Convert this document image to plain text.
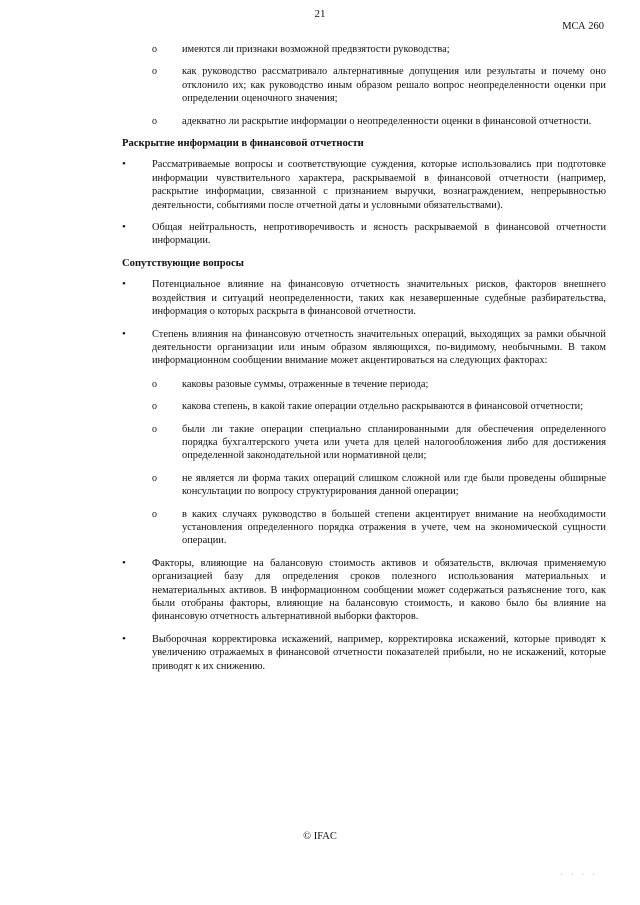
21
МСА 260
o имеются ли признаки возможной предвзятости руководства;
o как руководство рассматривало альтернативные допущения или результаты и почему оно отклонило их; как руководство иным образом решало вопрос неопределенности оценки при определении оценочного значения;
o адекватно ли раскрытие информации о неопределенности оценки в финансовой отчетности.
Раскрытие информации в финансовой отчетности
•	Рассматриваемые вопросы и соответствующие суждения, которые использовались при подготовке информации чувствительного характера, раскрываемой в финансовой отчетности (например, раскрытие информации, связанной с признанием выручки, вознаграждением, непрерывностью деятельности, событиями после отчетной даты и условными обязательствами).
•	Общая нейтральность, непротиворечивость и ясность раскрываемой в финансовой отчетности информации.
Сопутствующие вопросы
•	Потенциальное влияние на финансовую отчетность значительных рисков, факторов внешнего воздействия и ситуаций неопределенности, таких как незавершенные судебные разбирательства, информация о которых раскрыта в финансовой отчетности.
•	Степень влияния на финансовую отчетность значительных операций, выходящих за рамки обычной деятельности организации или иным образом являющихся, по-видимому, необычными. В таком информационном сообщении внимание может акцентироваться на следующих факторах:
o каковы разовые суммы, отраженные в течение периода;
o какова степень, в какой такие операции отдельно раскрываются в финансовой отчетности;
o были ли такие операции специально спланированными для обеспечения определенного порядка бухгалтерского учета или учета для целей налогообложения либо для достижения определенной законодательной или нормативной цели;
o не является ли форма таких операций слишком сложной или где были проведены обширные консультации по вопросу структурирования данной операции;
o в каких случаях руководство в большей степени акцентирует внимание на необходимости установления определенного порядка отражения в учете, чем на экономической сущности операции.
•	Факторы, влияющие на балансовую стоимость активов и обязательств, включая применяемую организацией базу для определения сроков полезного использования материальных и нематериальных активов. В информационном сообщении может содержаться разъяснение того, как были отобраны факторы, влияющие на балансовую стоимость, и каково было бы влияние на финансовую отчетность альтернативной выборки факторов.
•	Выборочная корректировка искажений, например, корректировка искажений, которые приводят к увеличению отражаемых в финансовой отчетности показателей прибыли, но не искажений, которые приводят к их снижению.
© IFAC
· · · ·
